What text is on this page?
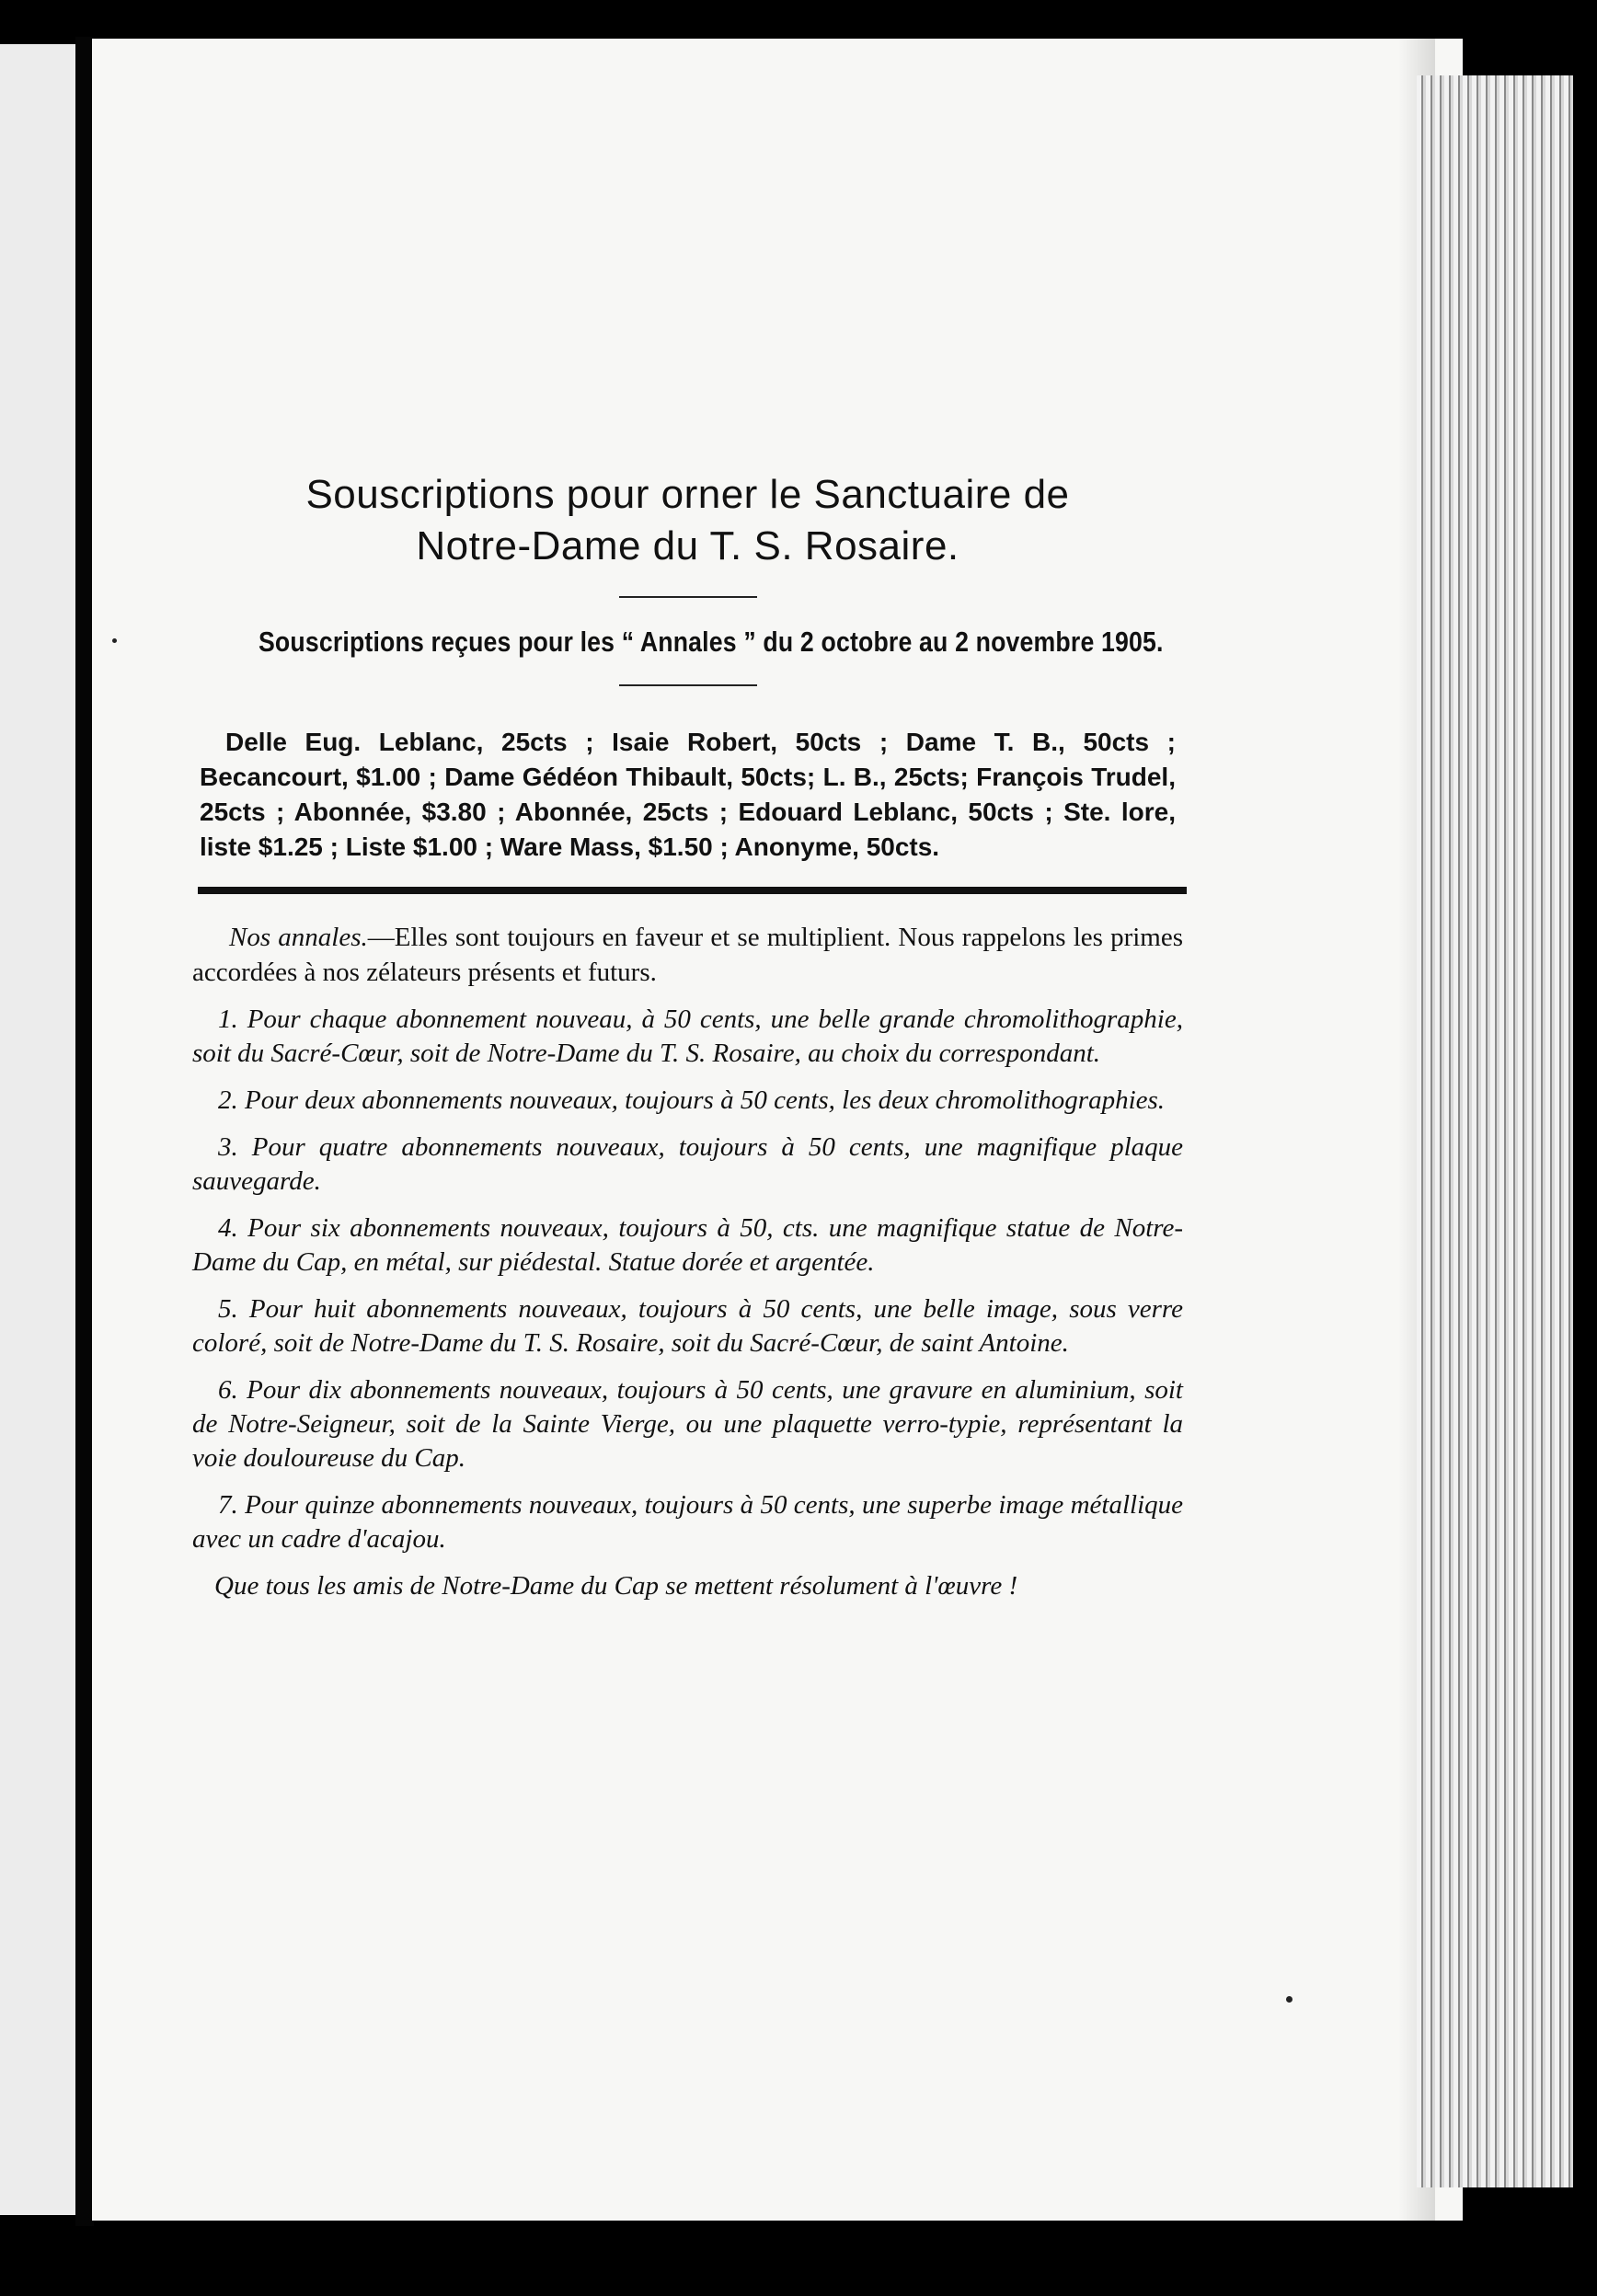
Souscriptions pour orner le Sanctuaire de
Notre-Dame du T. S. Rosaire.

Souscriptions reçues pour les “ Annales ” du 2 octobre au 2 novembre 1905.

Delle Eug. Leblanc, 25cts ; Isaie Robert, 50cts ; Dame T. B., 50cts ; Becancourt, $1.00 ; Dame Gédéon Thibault, 50cts; L. B., 25cts; François Trudel, 25cts ; Abonnée, $3.80 ; Abonnée, 25cts ; Edouard Leblanc, 50cts ; Ste. lore, liste $1.25 ; Liste $1.00 ; Ware Mass, $1.50 ; Anonyme, 50cts.

Nos annales.—Elles sont toujours en faveur et se multiplient. Nous rappelons les primes accordées à nos zélateurs présents et futurs.

1. Pour chaque abonnement nouveau, à 50 cents, une belle grande chromolithographie, soit du Sacré-Cœur, soit de Notre-Dame du T. S. Rosaire, au choix du correspondant.

2. Pour deux abonnements nouveaux, toujours à 50 cents, les deux chromolithographies.

3. Pour quatre abonnements nouveaux, toujours à 50 cents, une magnifique plaque sauvegarde.

4. Pour six abonnements nouveaux, toujours à 50, cts. une magnifique statue de Notre-Dame du Cap, en métal, sur piédestal. Statue dorée et argentée.

5. Pour huit abonnements nouveaux, toujours à 50 cents, une belle image, sous verre coloré, soit de Notre-Dame du T. S. Rosaire, soit du Sacré-Cœur, de saint Antoine.

6. Pour dix abonnements nouveaux, toujours à 50 cents, une gravure en aluminium, soit de Notre-Seigneur, soit de la Sainte Vierge, ou une plaquette verro-typie, représentant la voie douloureuse du Cap.

7. Pour quinze abonnements nouveaux, toujours à 50 cents, une superbe image métallique avec un cadre d'acajou.

Que tous les amis de Notre-Dame du Cap se mettent résolument à l'œuvre !
